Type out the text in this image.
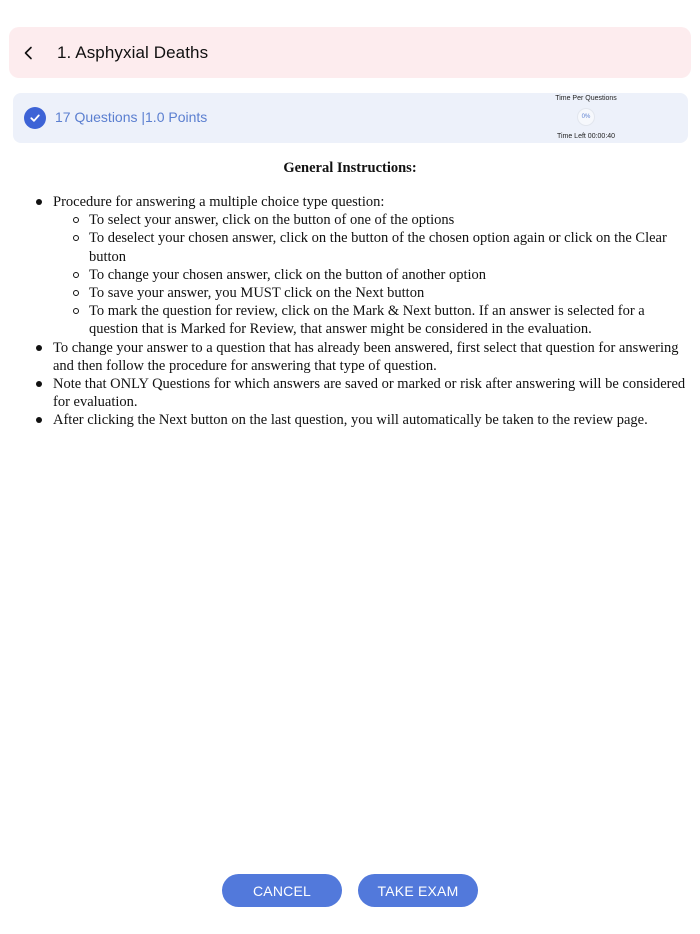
1. Asphyxial Deaths
17 Questions |1.0 Points
Time Per Questions
0%
Time Left 00:00:40
General Instructions:
Procedure for answering a multiple choice type question:
To select your answer, click on the button of one of the options
To deselect your chosen answer, click on the button of the chosen option again or click on the Clear button
To change your chosen answer, click on the button of another option
To save your answer, you MUST click on the Next button
To mark the question for review, click on the Mark & Next button. If an answer is selected for a question that is Marked for Review, that answer might be considered in the evaluation.
To change your answer to a question that has already been answered, first select that question for answering and then follow the procedure for answering that type of question.
Note that ONLY Questions for which answers are saved or marked or risk after answering will be considered for evaluation.
After clicking the Next button on the last question, you will automatically be taken to the review page.
CANCEL	TAKE EXAM
